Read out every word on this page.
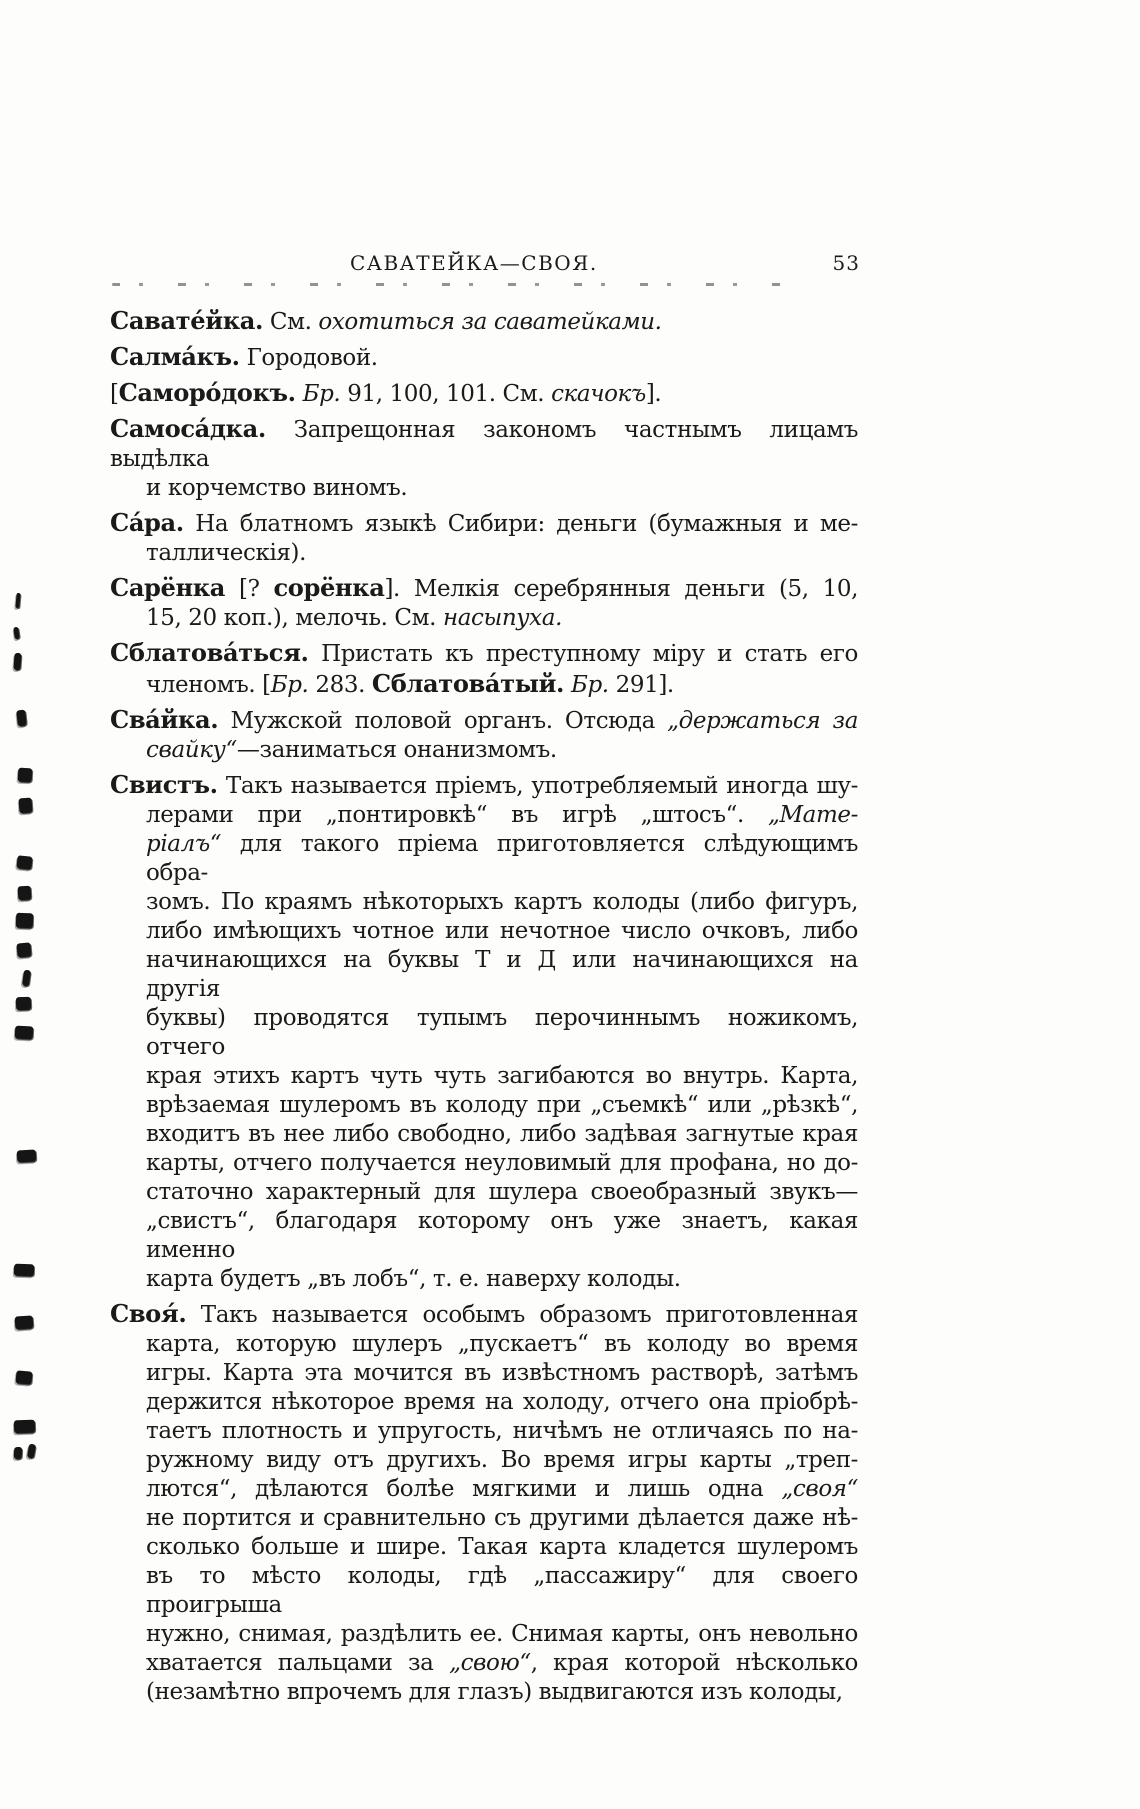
САВАТЕЙКА—СВОЯ.	53
Савате́йка. См. охотиться за саватейками.
Салма́къ. Городовой.
[Саморо́докъ. Бр. 91, 100, 101. См. скачокъ].
Самоса́дка. Запрещонная закономъ частнымъ лицамъ выдѣлка
и корчемство виномъ.
Са́ра. На блатномъ языкѣ Сибири: деньги (бумажныя и ме-
таллическія).
Сарёнка [? сорёнка]. Мелкія серебрянныя деньги (5, 10,
15, 20 коп.), мелочь. См. насыпуха.
Сблатова́ться. Пристать къ преступному міру и стать его
членомъ. [Бр. 283. Сблатова́тый. Бр. 291].
Сва́йка. Мужской половой органъ. Отсюда „держаться за
свайку“—заниматься онанизмомъ.
Свистъ. Такъ называется пріемъ, употребляемый иногда шу-
лерами при „понтировкѣ“ въ игрѣ „штосъ“. „Мате-
ріалъ“ для такого пріема приготовляется слѣдующимъ обра-
зомъ. По краямъ нѣкоторыхъ картъ колоды (либо фигуръ,
либо имѣющихъ чотное или нечотное число очковъ, либо
начинающихся на буквы Т и Д или начинающихся на другія
буквы) проводятся тупымъ перочиннымъ ножикомъ, отчего
края этихъ картъ чуть чуть загибаются во внутрь. Карта,
врѣзаемая шулеромъ въ колоду при „съемкѣ“ или „рѣзкѣ“,
входитъ въ нее либо свободно, либо задѣвая загнутые края
карты, отчего получается неуловимый для профана, но до-
статочно характерный для шулера своеобразный звукъ—
„свистъ“, благодаря которому онъ уже знаетъ, какая именно
карта будетъ „въ лобъ“, т. е. наверху колоды.
Своя́. Такъ называется особымъ образомъ приготовленная
карта, которую шулеръ „пускаетъ“ въ колоду во время
игры. Карта эта мочится въ извѣстномъ растворѣ, затѣмъ
держится нѣкоторое время на холоду, отчего она пріобрѣ-
таетъ плотность и упругость, ничѣмъ не отличаясь по на-
ружному виду отъ другихъ. Во время игры карты „треп-
лются“, дѣлаются болѣе мягкими и лишь одна „своя“
не портится и сравнительно съ другими дѣлается даже нѣ-
сколько больше и шире. Такая карта кладется шулеромъ
въ то мѣсто колоды, гдѣ „пассажиру“ для своего проигрыша
нужно, снимая, раздѣлить ее. Снимая карты, онъ невольно
хватается пальцами за „свою“, края которой нѣсколько
(незамѣтно впрочемъ для глазъ) выдвигаются изъ колоды,
